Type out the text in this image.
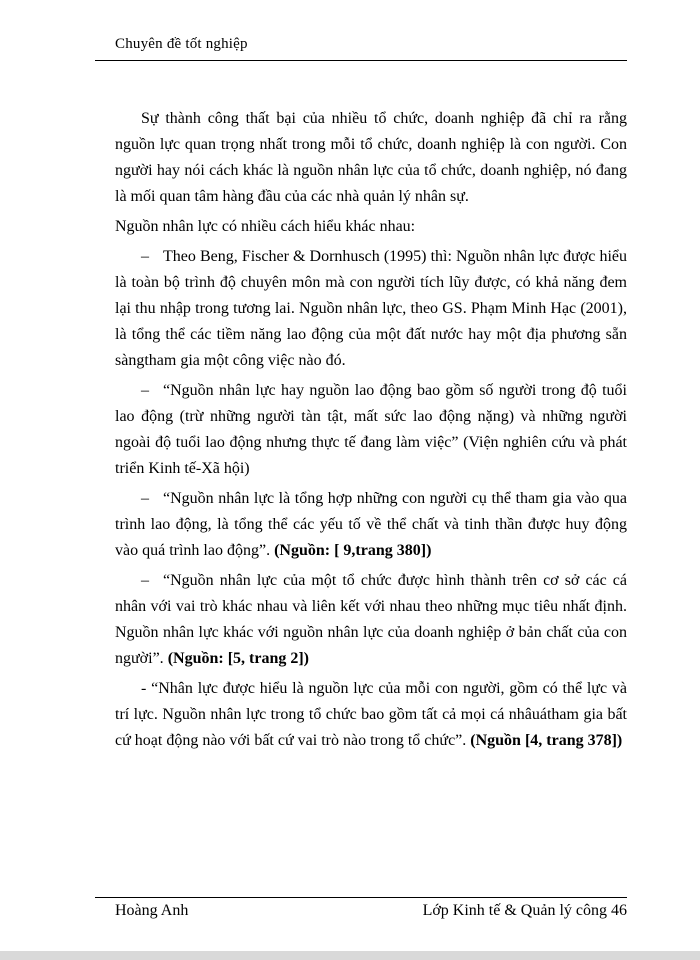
Chuyên đề tốt nghiệp

Sự thành công thất bại của nhiều tổ chức, doanh nghiệp đã chỉ ra rằng nguồn lực quan trọng nhất trong mỗi tổ chức, doanh nghiệp là con người. Con người hay nói cách khác là nguồn nhân lực của tổ chức, doanh nghiệp, nó đang là mối quan tâm hàng đầu của các nhà quản lý nhân sự.

Nguồn nhân lực có nhiều cách hiểu khác nhau:

– Theo Beng, Fischer & Dornhusch (1995) thì: Nguồn nhân lực được hiểu là toàn bộ trình độ chuyên môn mà con người tích lũy được, có khả năng đem lại thu nhập trong tương lai. Nguồn nhân lực, theo GS. Phạm Minh Hạc (2001), là tổng thể các tiềm năng lao động của một đất nước hay một địa phương sẵn sàngtham gia một công việc nào đó.

– “Nguồn nhân lực hay nguồn lao động bao gồm số người trong độ tuổi lao động (trừ những người tàn tật, mất sức lao động nặng) và những người ngoài độ tuổi lao động nhưng thực tế đang làm việc” (Viện nghiên cứu và phát triển Kinh tế-Xã hội)

– “Nguồn nhân lực là tổng hợp những con người cụ thể tham gia vào qua trình lao động, là tổng thể các yếu tố về thể chất và tinh thần được huy động vào quá trình lao động”. (Nguồn: [ 9,trang 380])

– “Nguồn nhân lực của một tổ chức được hình thành trên cơ sở các cá nhân với vai trò khác nhau và liên kết với nhau theo những mục tiêu nhất định. Nguồn nhân lực khác với nguồn nhân lực của doanh nghiệp ở bản chất của con người”. (Nguồn: [5, trang 2])

- “Nhân lực được hiểu là nguồn lực của mỗi con người, gồm có thể lực và trí lực. Nguồn nhân lực trong tổ chức bao gồm tất cả mọi cá nhâuátham gia bất cứ hoạt động nào với bất cứ vai trò nào trong tổ chức”. (Nguồn [4, trang 378])

Hoàng Anh	Lớp Kinh tế & Quản lý công 46
